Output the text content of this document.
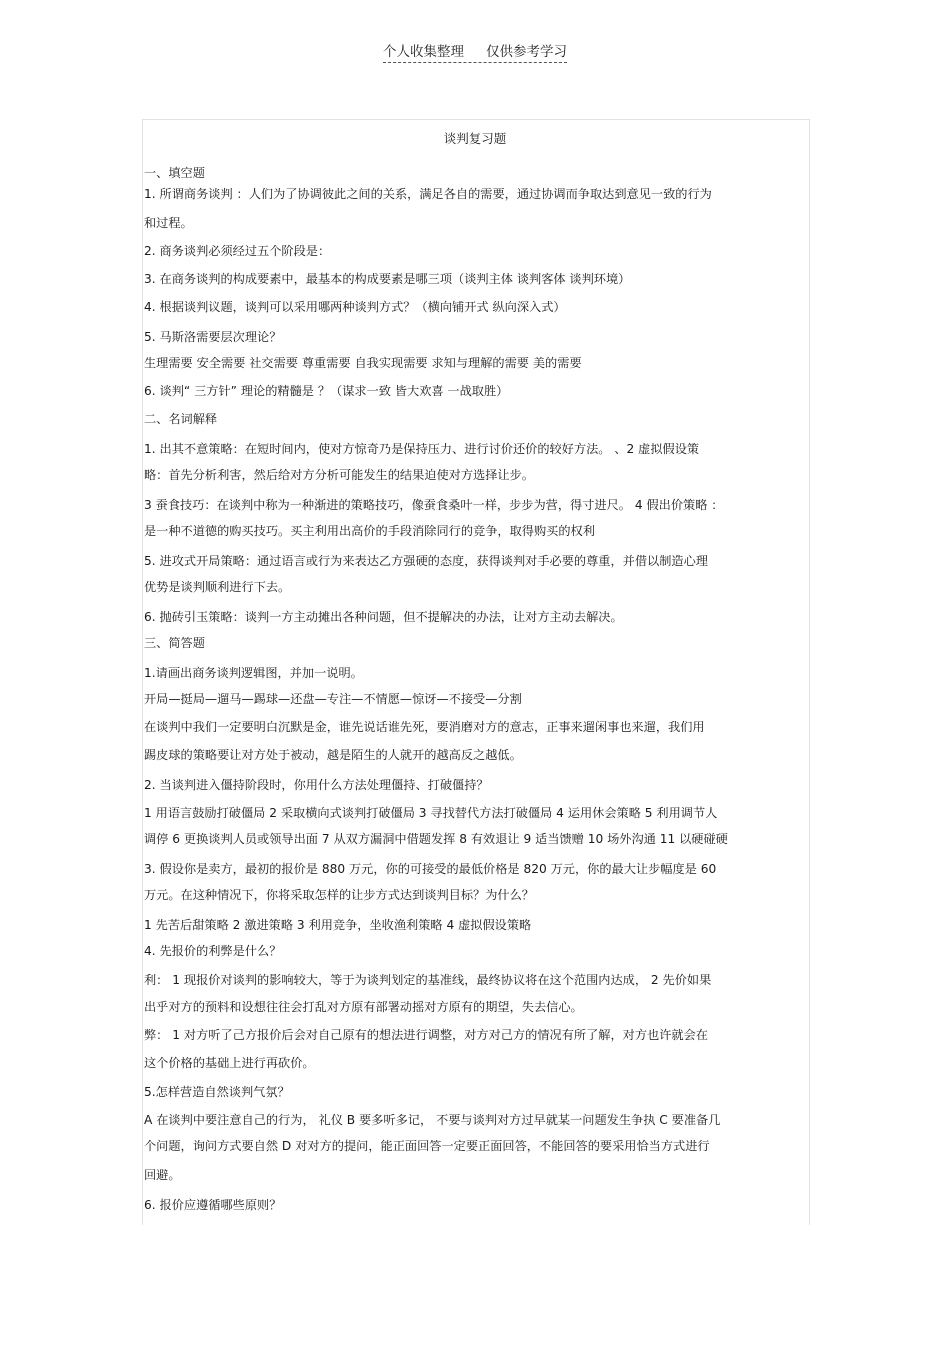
个人收集整理 仅供参考学习
谈判复习题
一、填空题
1. 所谓商务谈判 ：人们为了协调彼此之间的关系，满足各自的需要，通过协调而争取达到意见一致的行为
和过程。
2. 商务谈判必须经过五个阶段是：
3. 在商务谈判的构成要素中，最基本的构成要素是哪三项（谈判主体 谈判客体 谈判环境）
4. 根据谈判议题，谈判可以采用哪两种谈判方式？（横向铺开式 纵向深入式）
5. 马斯洛需要层次理论？
生理需要 安全需要 社交需要 尊重需要 自我实现需要 求知与理解的需要 美的需要
6. 谈判“ 三方针” 理论的精髓是 ？（谋求一致 皆大欢喜 一战取胜）
二、名词解释
1. 出其不意策略：在短时间内，使对方惊奇乃是保持压力、进行讨价还价的较好方法。 、2 虚拟假设策
略：首先分析利害，然后给对方分析可能发生的结果迫使对方选择让步。
3 蚕食技巧：在谈判中称为一种渐进的策略技巧，像蚕食桑叶一样，步步为营，得寸进尺。 4 假出价策略 ：
是一种不道德的购买技巧。买主利用出高价的手段消除同行的竞争，取得购买的权利
5. 进攻式开局策略：通过语言或行为来表达乙方强硬的态度，获得谈判对手必要的尊重，并借以制造心理
优势是谈判顺利进行下去。
6. 抛砖引玉策略：谈判一方主动摊出各种问题，但不提解决的办法，让对方主动去解决。
三、简答题
1.请画出商务谈判逻辑图，并加一说明。
开局—挺局—遛马—踢球—还盘—专注—不情愿—惊讶—不接受—分割
在谈判中我们一定要明白沉默是金，谁先说话谁先死，要消磨对方的意志，正事来遛闲事也来遛，我们用
踢皮球的策略要让对方处于被动，越是陌生的人就开的越高反之越低。
2. 当谈判进入僵持阶段时，你用什么方法处理僵持、打破僵持？
1 用语言鼓励打破僵局 2 采取横向式谈判打破僵局 3 寻找替代方法打破僵局 4 运用休会策略 5 利用调节人
调停 6 更换谈判人员或领导出面 7 从双方漏洞中借题发挥 8 有效退让 9 适当馈赠 10 场外沟通 11 以硬碰硬
3. 假设你是卖方，最初的报价是 880 万元，你的可接受的最低价格是 820 万元，你的最大让步幅度是 60
万元。在这种情况下，你将采取怎样的让步方式达到谈判目标？为什么？
1 先苦后甜策略 2 激进策略 3 利用竞争，坐收渔利策略 4 虚拟假设策略
4. 先报价的利弊是什么？
利： 1 现报价对谈判的影响较大，等于为谈判划定的基准线，最终协议将在这个范围内达成， 2 先价如果
出乎对方的预料和设想往往会打乱对方原有部署动摇对方原有的期望，失去信心。
弊： 1 对方听了己方报价后会对自己原有的想法进行调整，对方对己方的情况有所了解，对方也许就会在
这个价格的基础上进行再砍价。
5.怎样营造自然谈判气氛？
A 在谈判中要注意自己的行为， 礼仪 B 要多听多记， 不要与谈判对方过早就某一问题发生争执 C 要准备几
个问题，询问方式要自然 D 对对方的提问，能正面回答一定要正面回答，不能回答的要采用恰当方式进行
回避。
6. 报价应遵循哪些原则？
